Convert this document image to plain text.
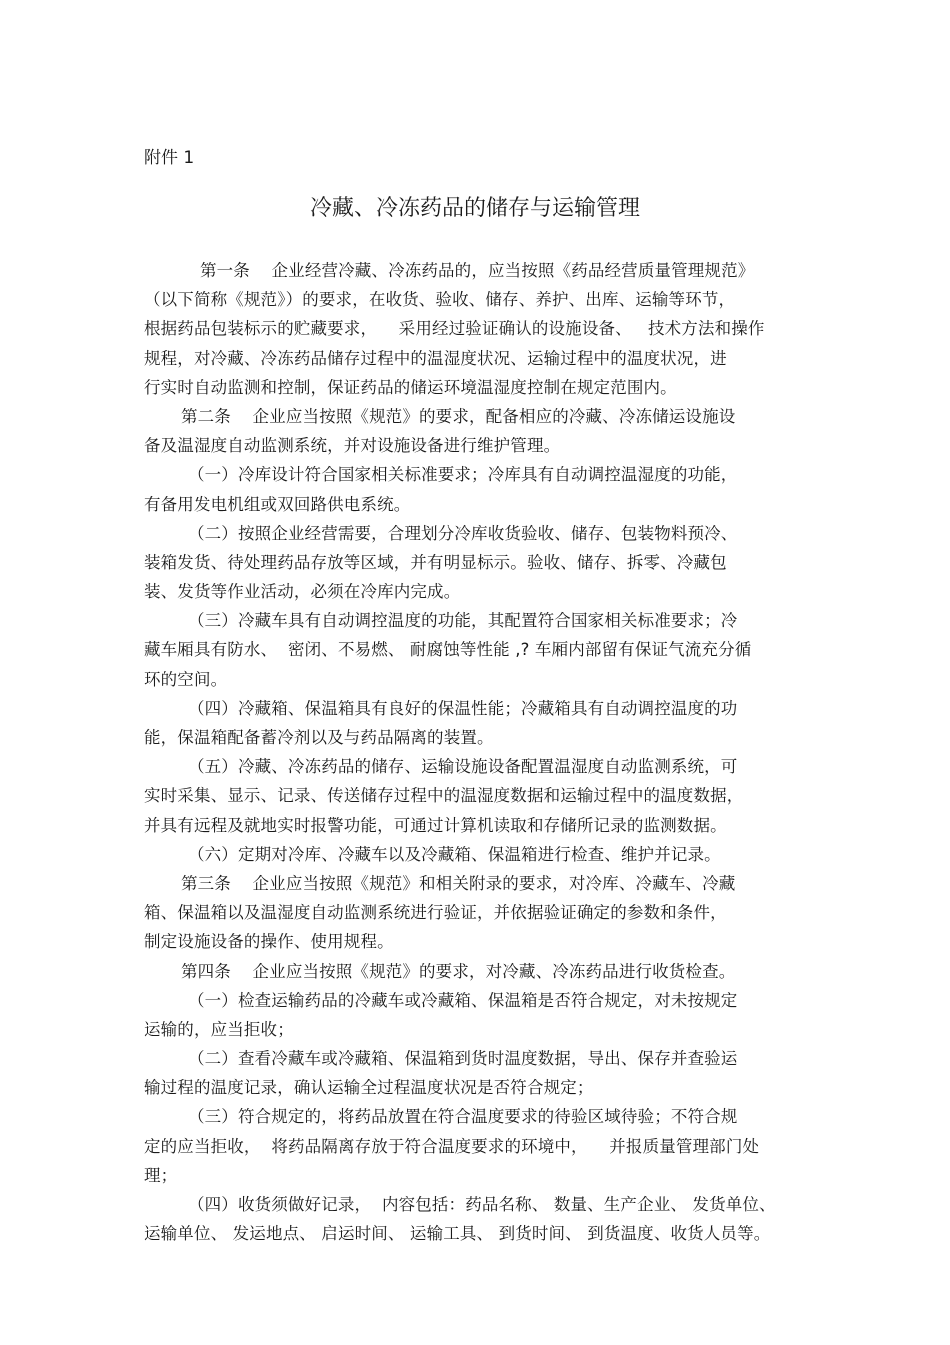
附件 1
冷藏、冷冻药品的储存与运输管理
第一条    企业经营冷藏、冷冻药品的，应当按照《药品经营质量管理规范》
（以下简称《规范》）的要求，在收货、验收、储存、养护、出库、运输等环节，
根据药品包装标示的贮藏要求，    采用经过验证确认的设施设备、   技术方法和操作
规程，对冷藏、冷冻药品储存过程中的温湿度状况、运输过程中的温度状况，进
行实时自动监测和控制，保证药品的储运环境温湿度控制在规定范围内。
第二条    企业应当按照《规范》的要求，配备相应的冷藏、冷冻储运设施设
备及温湿度自动监测系统，并对设施设备进行维护管理。
（一）冷库设计符合国家相关标准要求；冷库具有自动调控温湿度的功能，
有备用发电机组或双回路供电系统。
（二）按照企业经营需要，合理划分冷库收货验收、储存、包装物料预冷、
装箱发货、待处理药品存放等区域，并有明显标示。验收、储存、拆零、冷藏包
装、发货等作业活动，必须在冷库内完成。
（三）冷藏车具有自动调控温度的功能，其配置符合国家相关标准要求；冷
藏车厢具有防水、  密闭、不易燃、 耐腐蚀等性能 ,? 车厢内部留有保证气流充分循
环的空间。
（四）冷藏箱、保温箱具有良好的保温性能；冷藏箱具有自动调控温度的功
能，保温箱配备蓄冷剂以及与药品隔离的装置。
（五）冷藏、冷冻药品的储存、运输设施设备配置温湿度自动监测系统，可
实时采集、显示、记录、传送储存过程中的温湿度数据和运输过程中的温度数据，
并具有远程及就地实时报警功能，可通过计算机读取和存储所记录的监测数据。
（六）定期对冷库、冷藏车以及冷藏箱、保温箱进行检查、维护并记录。
第三条    企业应当按照《规范》和相关附录的要求，对冷库、冷藏车、冷藏
箱、保温箱以及温湿度自动监测系统进行验证，并依据验证确定的参数和条件，
制定设施设备的操作、使用规程。
第四条    企业应当按照《规范》的要求，对冷藏、冷冻药品进行收货检查。
（一）检查运输药品的冷藏车或冷藏箱、保温箱是否符合规定，对未按规定
运输的，应当拒收；
（二）查看冷藏车或冷藏箱、保温箱到货时温度数据，导出、保存并查验运
输过程的温度记录，确认运输全过程温度状况是否符合规定；
（三）符合规定的，将药品放置在符合温度要求的待验区域待验；不符合规
定的应当拒收，  将药品隔离存放于符合温度要求的环境中，    并报质量管理部门处
理；
（四）收货须做好记录，  内容包括：药品名称、 数量、生产企业、 发货单位、
运输单位、 发运地点、 启运时间、 运输工具、 到货时间、 到货温度、收货人员等。
